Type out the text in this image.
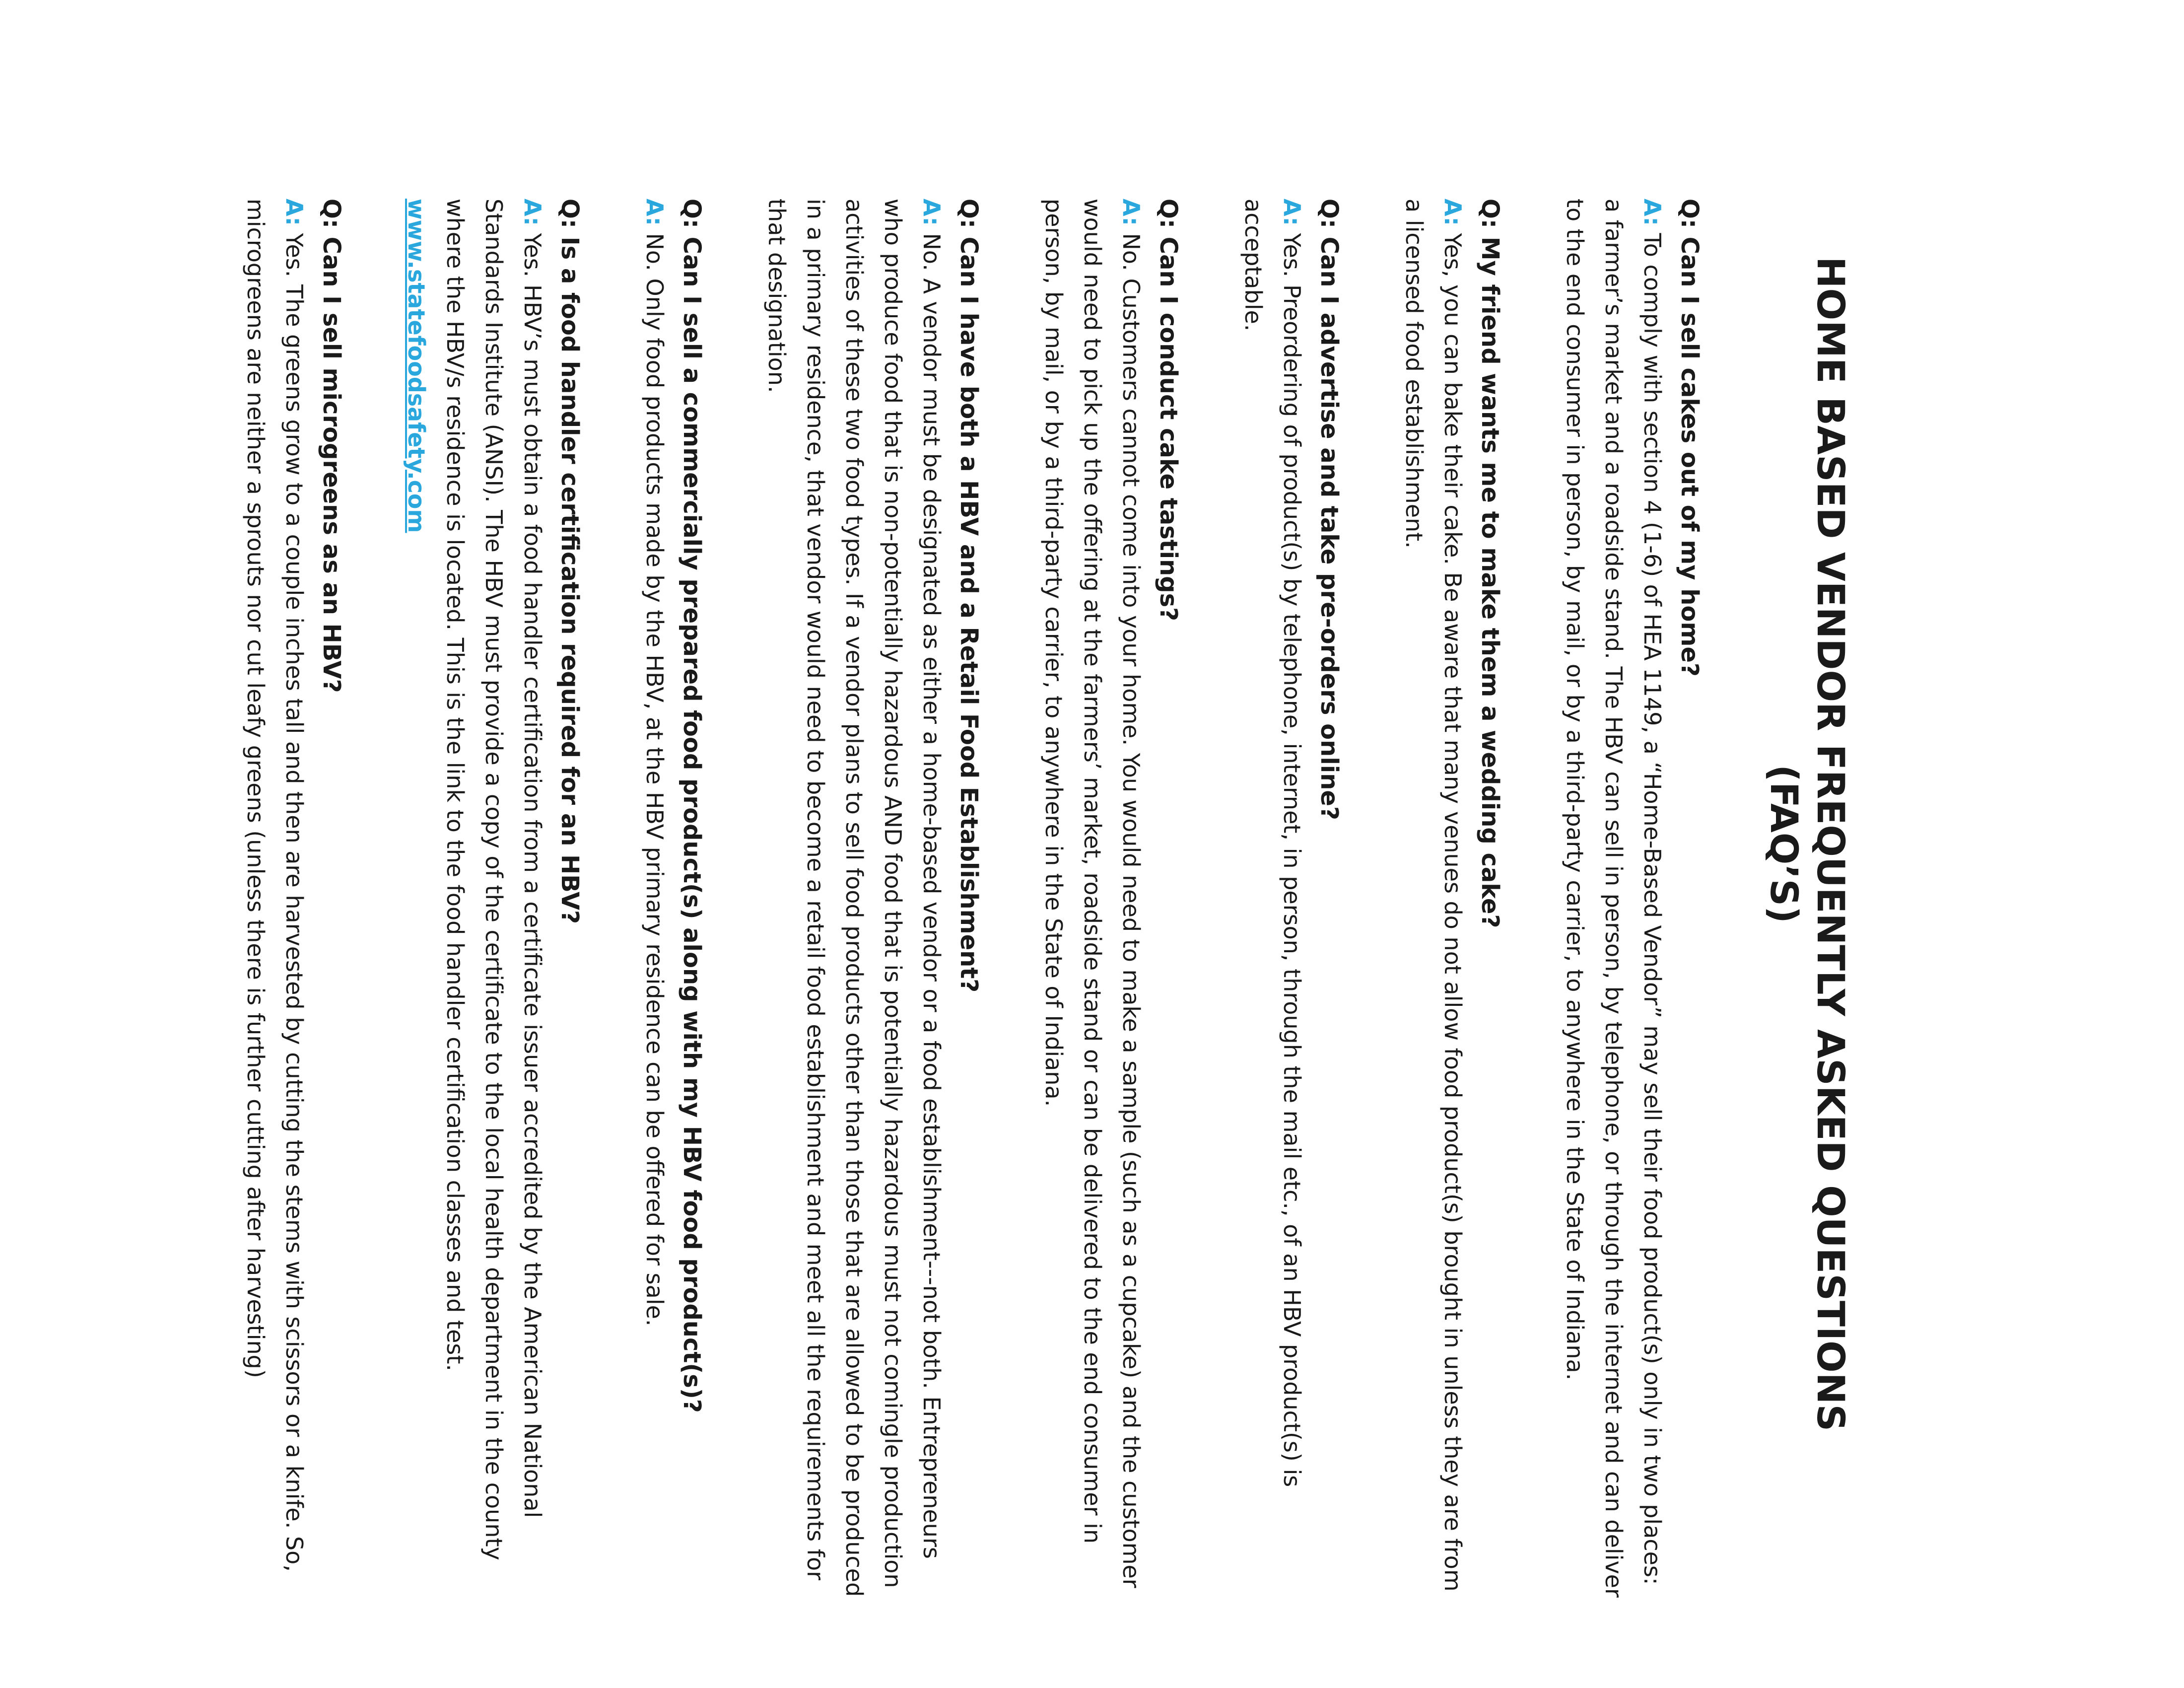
HOME BASED VENDOR FREQUENTLY ASKED QUESTIONS
(FAQ’S)

Q: Can I sell cakes out of my home?

A: To comply with section 4 (1-6) of HEA 1149, a “Home-Based Vendor” may sell their food product(s) only in two places: a farmer’s market and a roadside stand. The HBV can sell in person, by telephone, or through the internet and can deliver to the end consumer in person, by mail, or by a third-party carrier, to anywhere in the State of Indiana.

Q: My friend wants me to make them a wedding cake?

A: Yes, you can bake their cake. Be aware that many venues do not allow food product(s) brought in unless they are from a licensed food establishment.

Q: Can I advertise and take pre-orders online?

A: Yes. Preordering of product(s) by telephone, internet, in person, through the mail etc., of an HBV product(s) is acceptable.

Q: Can I conduct cake tastings?

A: No. Customers cannot come into your home. You would need to make a sample (such as a cupcake) and the customer would need to pick up the offering at the farmers’ market, roadside stand or can be delivered to the end consumer in person, by mail, or by a third-party carrier, to anywhere in the State of Indiana.

Q: Can I have both a HBV and a Retail Food Establishment?

A: No. A vendor must be designated as either a home-based vendor or a food establishment---not both. Entrepreneurs who produce food that is non-potentially hazardous AND food that is potentially hazardous must not comingle production activities of these two food types. If a vendor plans to sell food products other than those that are allowed to be produced in a primary residence, that vendor would need to become a retail food establishment and meet all the requirements for that designation.

Q: Can I sell a commercially prepared food product(s) along with my HBV food product(s)?

A: No. Only food products made by the HBV, at the HBV primary residence can be offered for sale.

Q: Is a food handler certification required for an HBV?

A: Yes. HBV’s must obtain a food handler certification from a certificate issuer accredited by the American National Standards Institute (ANSI). The HBV must provide a copy of the certificate to the local health department in the county where the HBV/s residence is located. This is the link to the food handler certification classes and test.

www.statefoodsafety.com

Q: Can I sell microgreens as an HBV?

A: Yes. The greens grow to a couple inches tall and then are harvested by cutting the stems with scissors or a knife. So, microgreens are neither a sprouts nor cut leafy greens (unless there is further cutting after harvesting)
